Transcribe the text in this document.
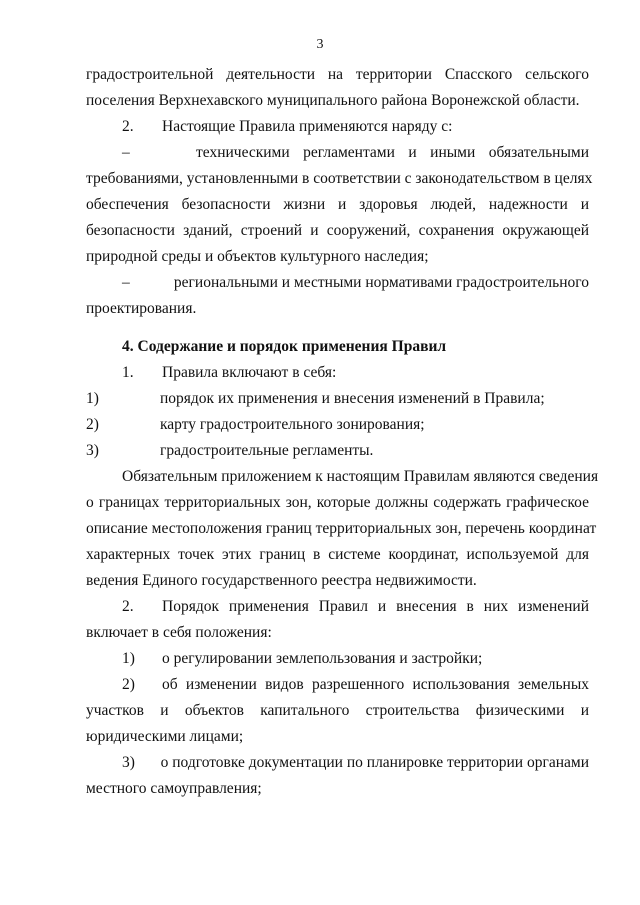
3
градостроительной деятельности на территории Спасского сельского
поселения Верхнехавского муниципального района Воронежской области.
2. Настоящие Правила применяются наряду с:
–	техническими регламентами и иными обязательными
требованиями, установленными в соответствии с законодательством в целях
обеспечения безопасности жизни и здоровья людей, надежности и
безопасности зданий, строений и сооружений, сохранения окружающей
природной среды и объектов культурного наследия;
–	региональными и местными нормативами градостроительного
проектирования.
4. Содержание и порядок применения Правил
1. Правила включают в себя:
1)	порядок их применения и внесения изменений в Правила;
2)	карту градостроительного зонирования;
3)	градостроительные регламенты.
Обязательным приложением к настоящим Правилам являются сведения
о границах территориальных зон, которые должны содержать графическое
описание местоположения границ территориальных зон, перечень координат
характерных точек этих границ в системе координат, используемой для
ведения Единого государственного реестра недвижимости.
2.	Порядок применения Правил и внесения в них изменений
включает в себя положения:
1) о регулировании землепользования и застройки;
2)	об изменении видов разрешенного использования земельных
участков и объектов капитального строительства физическими и
юридическими лицами;
3)	о подготовке документации по планировке территории органами
местного самоуправления;
